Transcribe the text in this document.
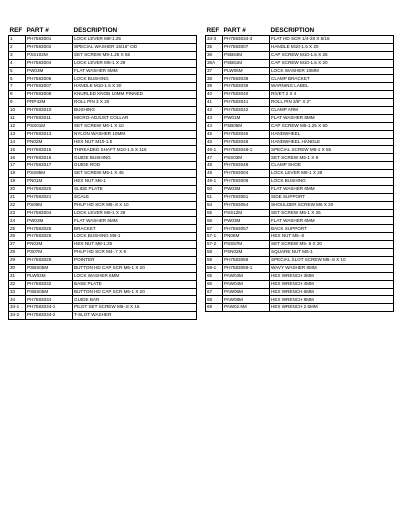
REF	PART #	DESCRIPTION
1	PH7583001	LOCK LEVER M8-1.25
2	PH7583002	SPECIAL WASHER 15/16" OD
3	PSS102M	SET SCREW M8-1.25 X 55
4	PH7583004	LOCK LEVER M6-1 X 28
5	PW03M	FLAT WASHER 6MM
6	PH7583006	LOCK BUSHING
7	PH7583007	HANDLE M10-1.5 X 20
8	PH7583008	KNURLED KNOB 10MM PINNED
9	PRP42M	ROLL PIN 3 X 20
10	PH7583010	BUSHING
11	PH7583011	MICRO-ADJUST COLLAR
12	PSS01M	SET SCREW M6-1 X 10
13	PH7583013	NYLON WASHER 10MM
14	PN02M	HEX NUT M10-1.5
15	PH7583015	THREADED SHAFT M10-1.5 X 116
16	PH7583016	GUIDE BUSHING
17	PH7583017	GUIDE ROD
18	PSS85M	SET SCREW M6-1 X 45
19	PN01M	HEX NUT M6-1
20	PH7583020	SLIDE PLATE
21	PH7583021	SCALE
22	PS09M	PHLP HD SCR M5-.8 X 10
23	PH7583004	LOCK LEVER M6-1 X 28
24	PW03M	FLAT WASHER 6MM
25	PH7583025	BRACKET
26	PH7583026	LOCK BUSHING M6-1
27	PN03M	HEX NUT M8-1.25
28	PS07M	PHLP HD SCR M4-.7 X 8
29	PH7583029	POINTER
30	PSBS05M	BUTTON HD CAP SCR M6-1 X 20
31	PLW03M	LOCK WASHER 6MM
32	PH7583032	BASE PLATE
33	PSBS05M	BUTTON HD CAP SCR M6-1 X 20
34	PH7583034	GUIDE BAR
34-1	PH7583034-1	PILOT SET SCREW M5-.8 X 16
34-2	PH7583034-2	T-SLOT WASHER
REF	PART #	DESCRIPTION
34-3	PH7583034-3	FLAT HD SCR 1/4-28 X 5/16
35	PH7583007	HANDLE M10-1.5 X 20
36	PSB64M	CAP SCREW M10-1.5 X 25
36A	PSB61M	CAP SCREW M10-1.5 X 20
37	PLW06M	LOCK WASHER 10MM
38	PH7583038	CLAMP BRACKET
39	PH7583039	WARNING LABEL
40	PH7583040	RIVET 2 X 4
41	PH7583041	ROLL PIN 3/8" X 2"
42	PH7583042	CLAMP ARM
43	PW01M	FLAT WASHER 8MM
44	PSB05M	CAP SCREW M8-1.25 X 50
45	PH7583045	HANDWHEEL
46	PH7583046	HANDWHEEL HANDLE
46-1	PH7583046-1	SPECIAL SCREW M6-1 X 55
47	PSS03M	SET SCREW M6-1 X 8
48	PH7583048	CLAMP SHOE
49	PH7583004	LOCK LEVER M6-1 X 28
49-1	PH7583006	LOCK BUSHING
50	PW03M	FLAT WASHER 6MM
51	PH7583051	SIDE SUPPORT
54	PH7583054	SHOULDER SCREW M6 X 20
55	PSS12M	SET SCREW M6-1 X 25
56	PW03M	FLAT WASHER 6MM
57	PH7583057	BACK SUPPORT
57-1	PN06M	HEX NUT M5-.8
57-2	PSS57M	SET SCREW M5-.8 X 20
58	PSN02M	SQUARE NUT M6-1
59	PH7583059	SPECIAL SLOT SCREW M5-.8 X 10
59-1	PH7583059-1	WAVY WASHER 6MM
65	PAW03M	HEX WRENCH 3MM
66	PAW04M	HEX WRENCH 4MM
67	PAW06M	HEX WRENCH 6MM
68	PAW08M	HEX WRENCH 8MM
69	PAW02.5M	HEX WRENCH 2.5MM
